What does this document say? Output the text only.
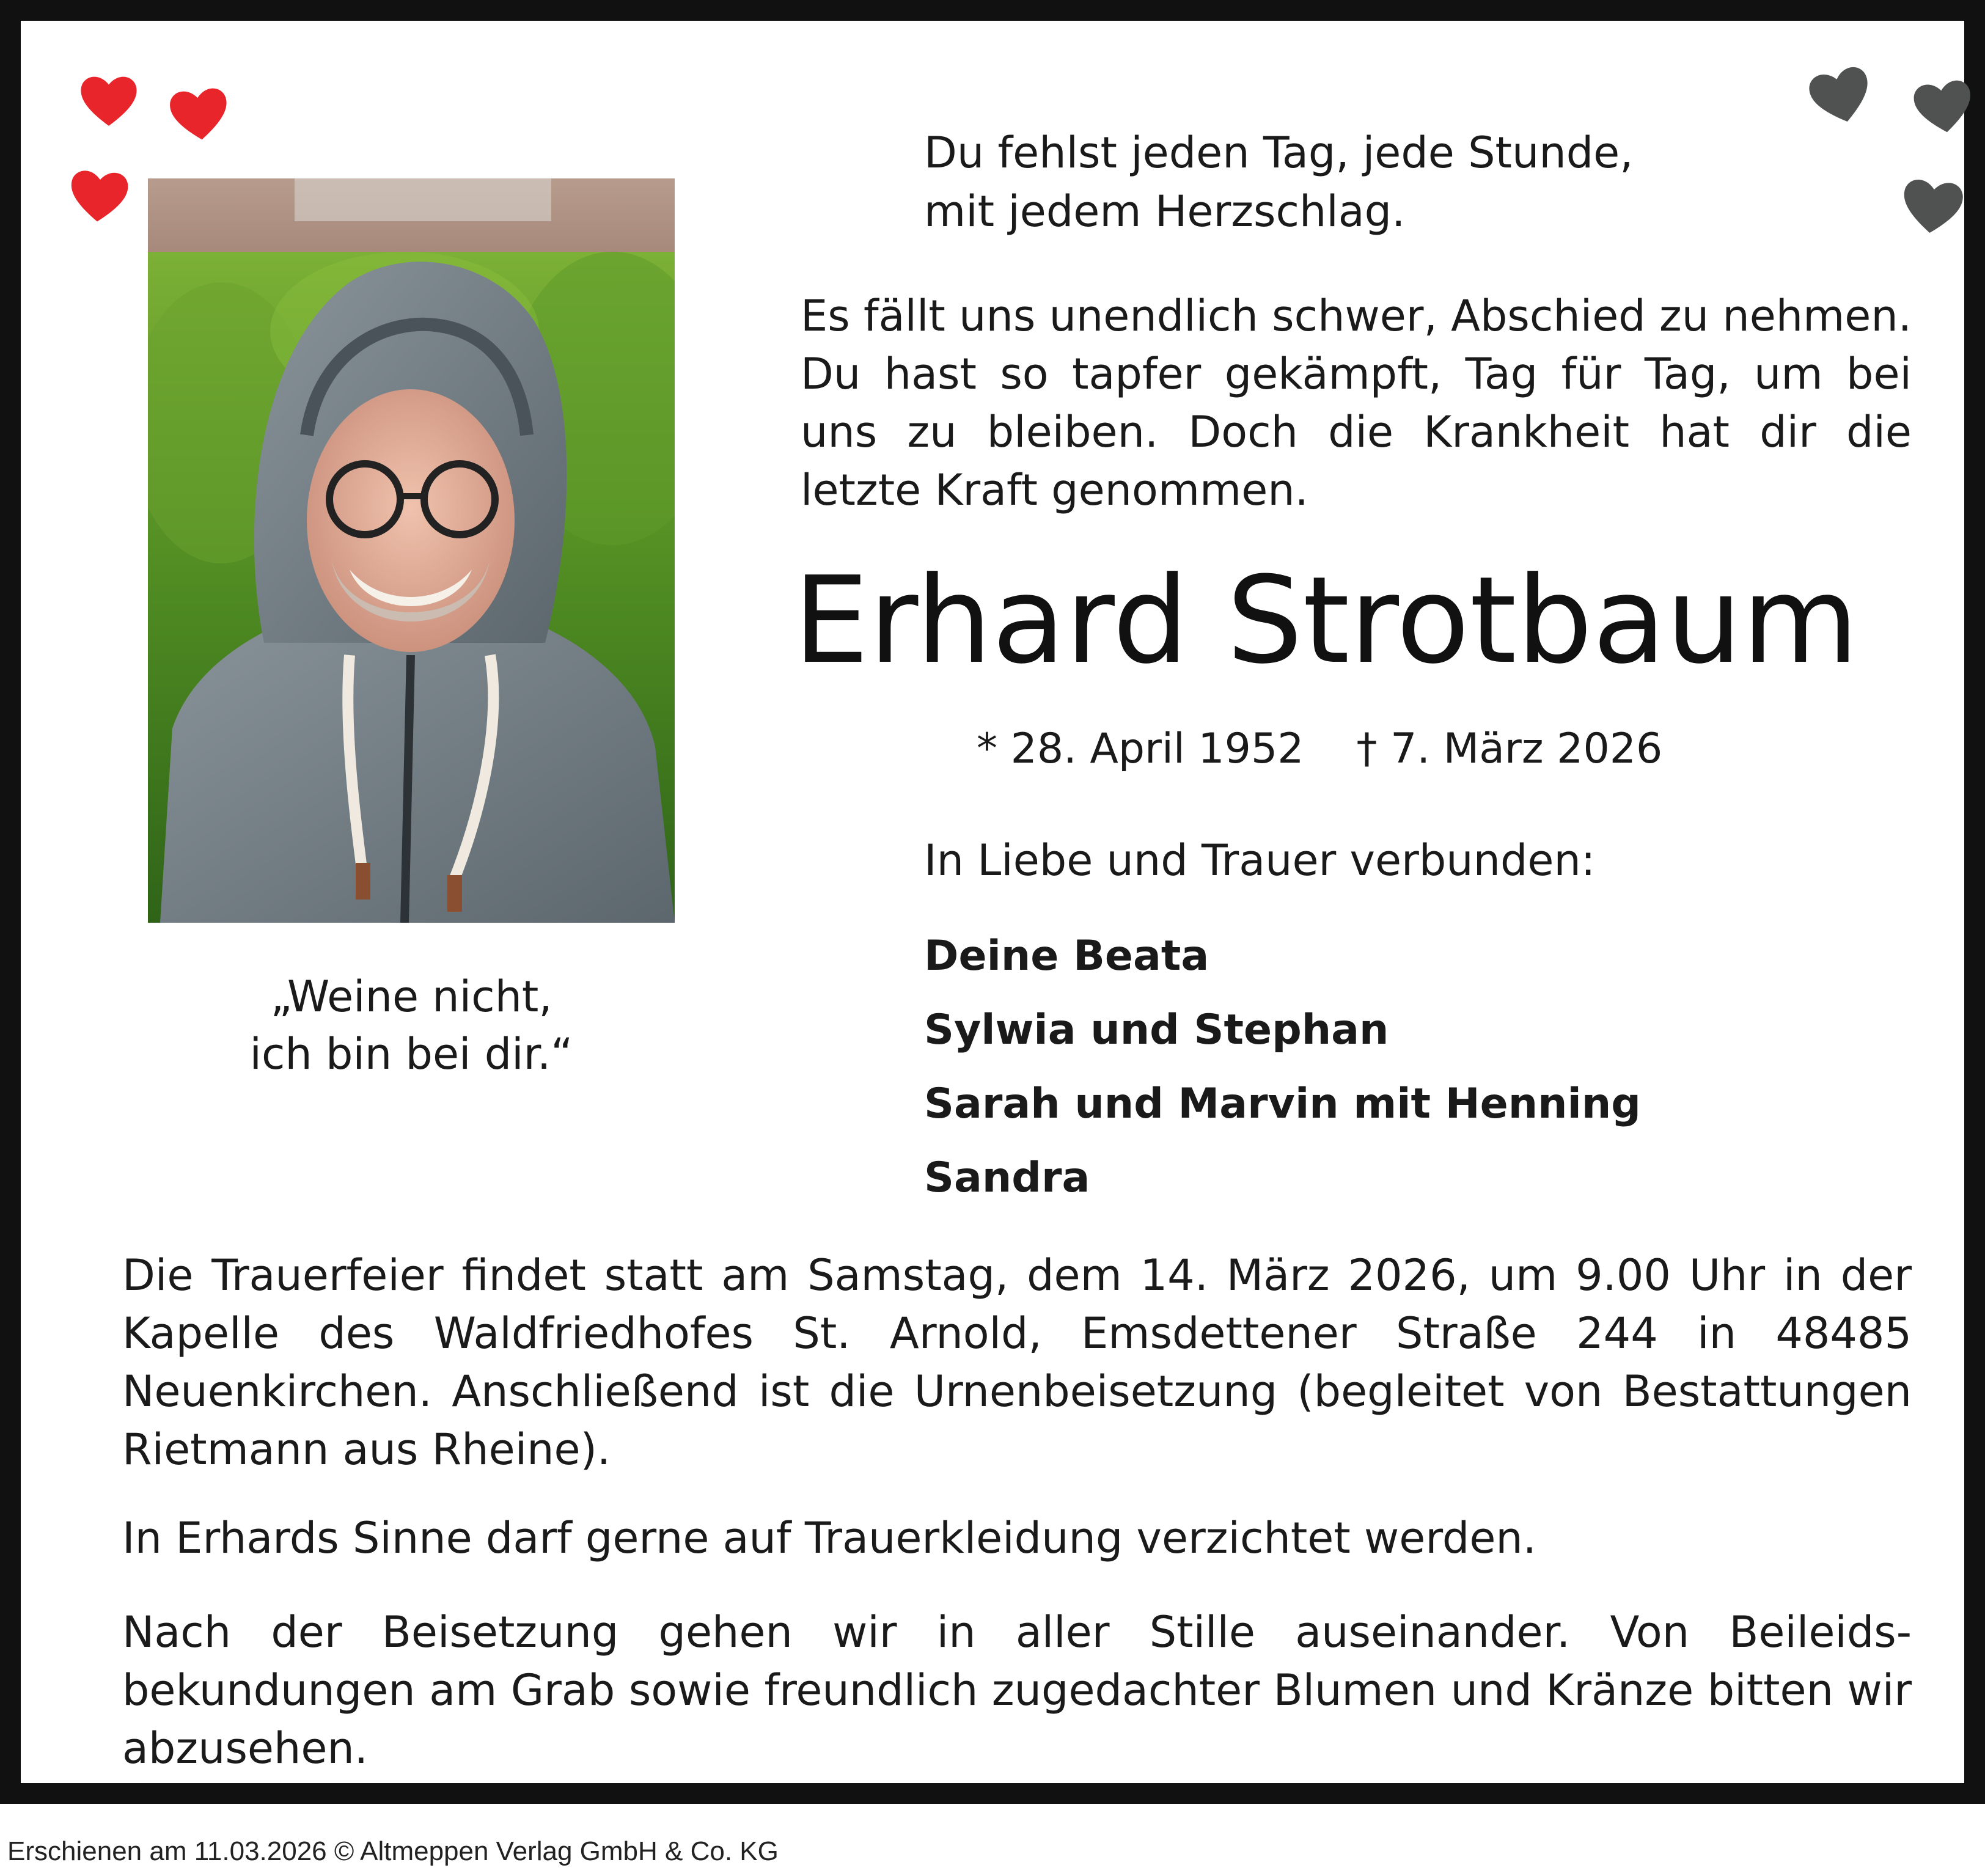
Du fehlst jeden Tag, jede Stunde,
mit jedem Herzschlag.
Es fällt uns unendlich schwer, Abschied zu nehmen. Du hast so tapfer gekämpft, Tag für Tag, um bei uns zu bleiben. Doch die Krankheit hat dir die letzte Kraft genommen.
Erhard Strotbaum
* 28. April 1952 † 7. März 2026
In Liebe und Trauer verbunden:
Deine Beata
Sylwia und Stephan
Sarah und Marvin mit Henning
Sandra
„Weine nicht,
ich bin bei dir.“
Die Trauerfeier findet statt am Samstag, dem 14. März 2026, um 9.00 Uhr in der Kapelle des Waldfriedhofes St. Arnold, Emsdettener Straße 244 in 48485 Neuenkirchen. Anschließend ist die Urnenbeisetzung (begleitet von Bestattungen Rietmann aus Rheine).
In Erhards Sinne darf gerne auf Trauerkleidung verzichtet werden.
Nach der Beisetzung gehen wir in aller Stille auseinander. Von Beileids-bekundungen am Grab sowie freundlich zugedachter Blumen und Kränze bitten wir abzusehen.
Erschienen am 11.03.2026 © Altmeppen Verlag GmbH & Co. KG
